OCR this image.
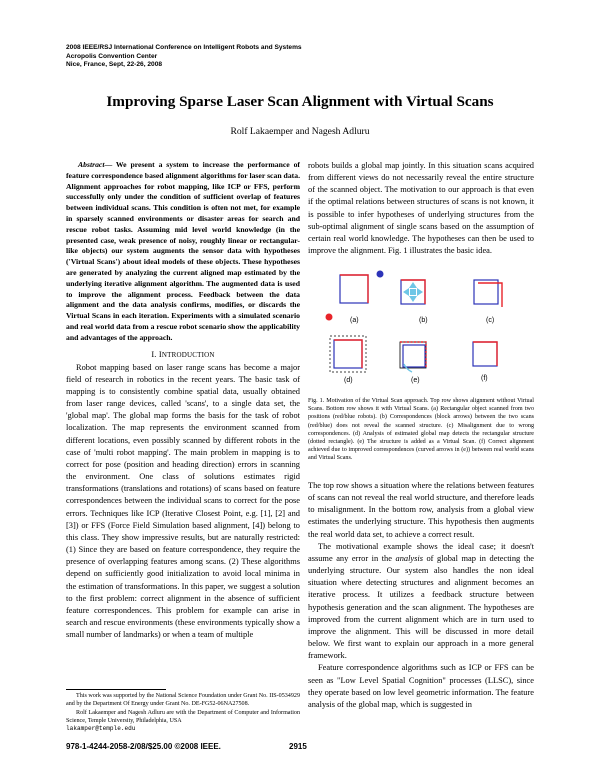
2008 IEEE/RSJ International Conference on Intelligent Robots and Systems
Acropolis Convention Center
Nice, France, Sept, 22-26, 2008
Improving Sparse Laser Scan Alignment with Virtual Scans
Rolf Lakaemper and Nagesh Adluru

Abstract— We present a system to increase the performance of feature correspondence based alignment algorithms for laser scan data. Alignment approaches for robot mapping, like ICP or FFS, perform successfully only under the condition of sufficient overlap of features between individual scans. This condition is often not met, for example in sparsely scanned environments or disaster areas for search and rescue robot tasks. Assuming mid level world knowledge (in the presented case, weak presence of noisy, roughly linear or rectangular-like objects) our system augments the sensor data with hypotheses ('Virtual Scans') about ideal models of these objects. These hypotheses are generated by analyzing the current aligned map estimated by the underlying iterative alignment algorithm. The augmented data is used to improve the alignment process. Feedback between the data alignment and the data analysis confirms, modifies, or discards the Virtual Scans in each iteration. Experiments with a simulated scenario and real world data from a rescue robot scenario show the applicability and advantages of the approach.

I. INTRODUCTION

Robot mapping based on laser range scans has become a major field of research in robotics in the recent years. The basic task of mapping is to consistently combine spatial data, usually obtained from laser range devices, called 'scans', to a single data set, the 'global map'. The global map forms the basis for the task of robot localization. The map represents the environment scanned from different locations, even possibly scanned by different robots in the case of 'multi robot mapping'. The main problem in mapping is to correct for pose (position and heading direction) errors in scanning the environment. One class of solutions estimates rigid transformations (translations and rotations) of scans based on feature correspondences between the individual scans to correct for the pose errors. Techniques like ICP (Iterative Closest Point, e.g. [1], [2] and [3]) or FFS (Force Field Simulation based alignment, [4]) belong to this class. They show impressive results, but are naturally restricted: (1) Since they are based on feature correspondence, they require the presence of overlapping features among scans. (2) These algorithms depend on sufficiently good initialization to avoid local minima in the estimation of transformations. In this paper, we suggest a solution to the first problem: correct alignment in the absence of sufficient feature correspondences. This problem for example can arise in search and rescue environments (these environments typically show a small number of landmarks) or when a team of multiple

This work was supported by the National Science Foundation under Grant No. IIS-0534929 and by the Department Of Energy under Grant No. DE-FG52-06NA27508.

Rolf Lakaemper and Nagesh Adluru are with the Department of Computer and Information Science, Temple University, Philadelphia, USA

lakamper@temple.edu

robots builds a global map jointly. In this situation scans acquired from different views do not necessarily reveal the entire structure of the scanned object. The motivation to our approach is that even if the optimal relations between structures of scans is not known, it is possible to infer hypotheses of underlying structures from the sub-optimal alignment of single scans based on the assumption of certain real world knowledge. The hypotheses can then be used to improve the alignment. Fig. 1 illustrates the basic idea.

(a)	(b)	(c)
(d)	(e)	(f)

Fig. 1. Motivation of the Virtual Scan approach. Top row shows alignment without Virtual Scans. Bottom row shows it with Virtual Scans. (a) Rectangular object scanned from two positions (red/blue robots). (b) Correspondences (block arrows) between the two scans (red/blue) does not reveal the scanned structure. (c) Misalignment due to wrong correspondences. (d) Analysis of estimated global map detects the rectangular structure (dotted rectangle). (e) The structure is added as a Virtual Scan. (f) Correct alignment achieved due to improved correspondences (curved arrows in (e)) between real world scans and Virtual Scans.

The top row shows a situation where the relations between features of scans can not reveal the real world structure, and therefore leads to misalignment. In the bottom row, analysis from a global view estimates the underlying structure. This hypothesis then augments the real world data set, to achieve a correct result.

The motivational example shows the ideal case; it doesn't assume any error in the analysis of global map in detecting the underlying structure. Our system also handles the non ideal situation where detecting structures and alignment becomes an iterative process. It utilizes a feedback structure between hypothesis generation and the scan alignment. The hypotheses are improved from the current alignment which are in turn used to improve the alignment. This will be discussed in more detail below. We first want to explain our approach in a more general framework.

Feature correspondence algorithms such as ICP or FFS can be seen as "Low Level Spatial Cognition" processes (LLSC), since they operate based on low level geometric information. The feature analysis of the global map, which is suggested in

978-1-4244-2058-2/08/$25.00 ©2008 IEEE.	2915
